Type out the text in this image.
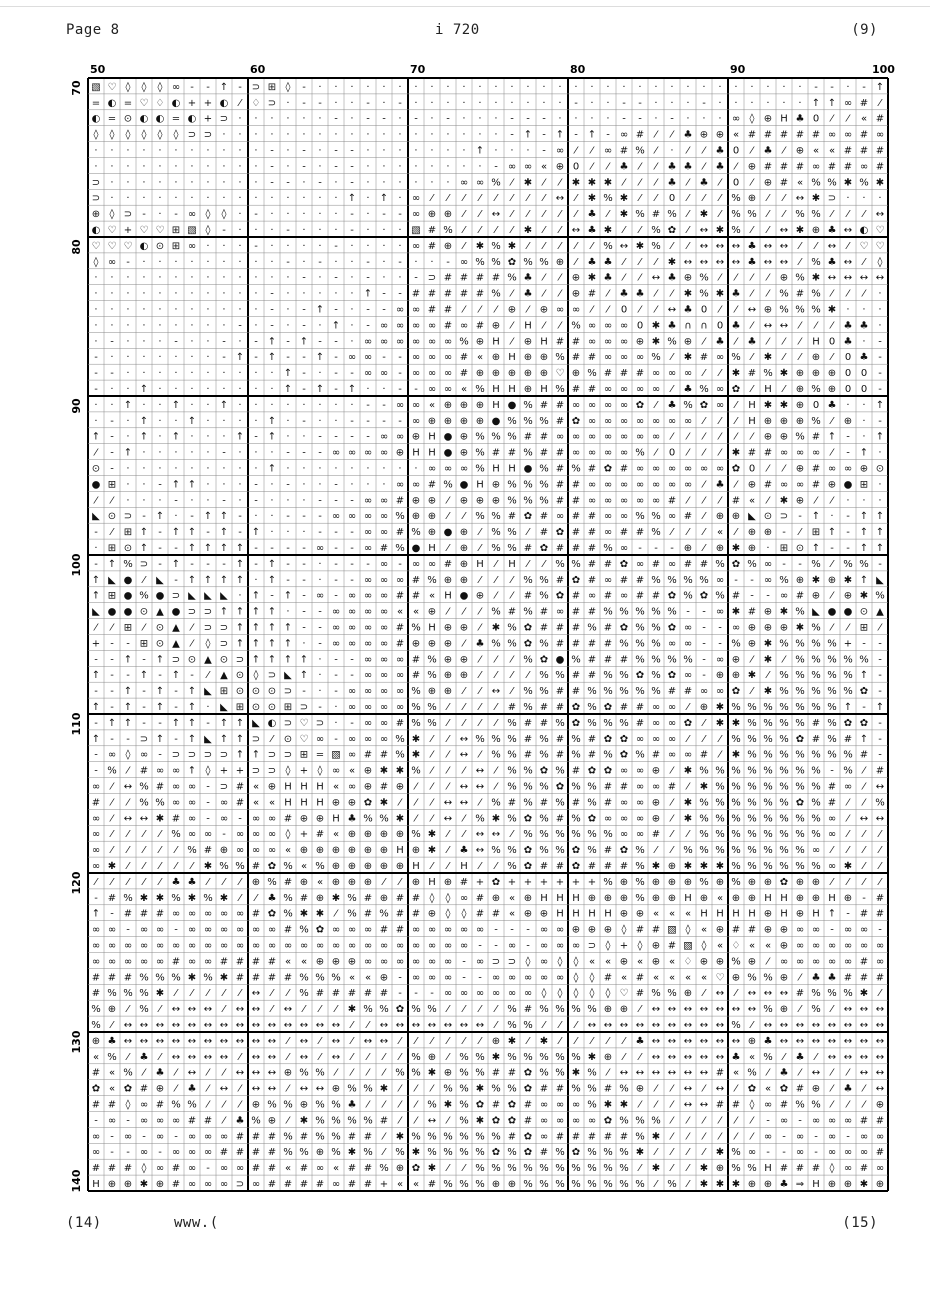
Page 8	i 720	(9)
▧ ♡ ◊ ◊ ◊ ∞ - - ↑ - ⊃ ⊞ ◊ - · · · · · · · · · · · · · · · · · · · · · · · · · · · · · · · - - · - ↑
= ◐ = ♡ ♢ ◐ + + ◐ ⁄ ♢ ⊃ · - - · · - · - · · · · · · · · · · - · · - - · · · - · · · · · · ↑ ↑ ∞ # ⁄
◐ = ⊙ ◐ ◐ = ◐ + ⊃ · · · · · · - · - - · - · - · · · - - - · · · · - - · - · · · ∞ ◊ ⊕ H ♣ 0 ⁄ ⁄ « #
◊ ◊ ◊ ◊ ◊ ◊ ⊃ ⊃ · · · · · · · · · · · · · · · · · · - ↑ - ↑ - ↑ - ∞ # ⁄ ⁄ ♣ ⊕ ⊕ « # # # # # ∞ ∞ # ∞
· · · · · · · · · · · - · - · - - · · · · · · · ↑ · · · - ∞ ⁄ ⁄ ∞ # % ⁄ · ⁄ ⁄ ♣ 0 ⁄ ♣ ⁄ ⊕ « « # # #
· · · · · · · · · · · - · - · - - · · · · · · · · - ∞ ∞ « ⊕ 0 ⁄ ⁄ ♣ ⁄ ⁄ ♣ ♣ ⁄ ♣ ⁄ ⊕ # # # ∞ # # ∞ #
⊃ · · · · · · · · · · - - · - · - · · · · · · ∞ ∞ % ⁄ ✱ ⁄ ⁄ ✱ ✱ ✱ ⁄ ⁄ ⁄ ♣ ⁄ ♣ ⁄ 0 ⁄ ⊕ # « % % ✱ % ✱
⊃ · · · · · · · · · · · · · · · ↑ · ↑ · ∞ ⁄ ⁄ ⁄ ⁄ ⁄ ⁄ ⁄ ⁄ ↔ ⁄ ✱ % ✱ ⁄ ⁄ 0 ⁄ ⁄ ⁄ % ⊕ ⁄ ⁄ ↔ ✱ ⊃ · · ·
⊕ ◊ ⊃ - · - ∞ ◊ ◊ · - · · · · · - · - - ∞ ⊕ ⊕ ⁄ ⁄ ↔ ⁄ ⁄ ⁄ ⁄ ⁄ ♣ ⁄ ✱ % # % ⁄ ✱ ⁄ % % ⁄ ⁄ % % ⁄ ⁄ ⁄ ↔
◐ ♡ + ♡ ♡ ⊞ ▧ ◊ - · · · - · · · - · · · ▧ # % ⁄ ⁄ ⁄ ⁄ ✱ ⁄ ⁄ ↔ ♣ ✱ ⁄ ⁄ % ✿ ⁄ ↔ ✱ % ⁄ ⁄ ↔ ✱ ⊕ ♣ ↔ ◐ ♡
♡ ♡ ♡ ◐ ⊙ ⊞ ∞ · · · - · · · · - · · · · ∞ # ⊕ ⁄ ✱ % ✱ ⁄ ⁄ ⁄ ⁄ ⁄ % ↔ ✱ % ⁄ ⁄ ↔ ↔ ↔ ♣ ↔ ↔ ⁄ ⁄ ↔ ⁄ ♡ ♡
◊ ∞ - · · · · · · · · · - · - · · - · - · · - ∞ % % ✿ % % ⊕ ⁄ ♣ ♣ ⁄ ⁄ ⁄ ✱ ↔ ↔ ↔ ↔ ♣ ↔ ↔ ⁄ % ♣ ↔ ⁄ ◊
· · · · · · · · · · · · · - · - · - · · - ⊃ # # # # % ♣ ⁄ ⁄ ⊕ ✱ ♣ ⁄ ⁄ ↔ ♣ ⊕ % ⁄ ⁄ ⁄ ⁄ ⊕ % ✱ ↔ ↔ ↔ ↔
· · · · · · · · · · · - · · · · · ↑ - - # # # # # % ⁄ ♣ ⁄ ⁄ ⊕ # ⁄ ♣ ♣ ⁄ ⁄ ✱ % ✱ ♣ ⁄ ⁄ % # % ⁄ ⁄ ⁄ ·
· · · · · · · · · · · - · - ↑ - · - - ∞ ∞ # # ⁄ ⁄ ⁄ ⊕ ⁄ ⊕ ∞ ∞ ⁄ ⁄ 0 ⁄ ⁄ ↔ ♣ 0 ⁄ ⁄ ↔ ⊕ % % % ✱ · · ·
· · · · · · · · · - · - · - · ↑ · - ∞ ∞ ∞ ∞ # ∞ # ⊕ ⁄ H ⁄ ⁄ % ∞ ∞ ∞ 0 ✱ ♣ ∩ ∩ 0 ♣ ⁄ ↔ ↔ ⁄ ⁄ ⁄ ♣ ♣ ·
· - · · · - · · - · - ↑ - ↑ - - · ∞ ∞ ∞ ∞ ∞ ∞ % ⊕ H ⁄ ⊕ H # # ∞ ∞ ∞ ⊕ ✱ % ⊕ ⁄ ♣ ⁄ ♣ ⁄ ⁄ ⁄ H 0 ♣ · -
- · · · · · · · - ↑ - ↑ - - ↑ - ∞ ∞ - - ∞ ∞ ∞ # « ⊕ H ⊕ ⊕ % # # ∞ ∞ ∞ % ⁄ ✱ # ∞ % ⁄ ✱ ⁄ ⁄ ⊕ ⁄ 0 ♣ -
- - · · · · · · · · · · ↑ - · - - ∞ ∞ - ∞ ∞ ∞ # ⊕ ⊕ ⊕ ⊕ ⊕ ♡ ⊕ % # # # ∞ ∞ ∞ ⁄ ⁄ ✱ # % ✱ ⊕ ⊕ ⊕ 0 0 -
- · · ↑ · · · · · · · · ↑ - ↑ - ↑ · · - - ∞ ∞ « % H H ⊕ H % # # ∞ ∞ ∞ ∞ ⁄ ♣ % ∞ ✿ ⁄ H ⁄ ⊕ % ⊕ 0 0 -
· · ↑ · · ↑ · · ↑ · · · · · · · · - - ∞ ∞ « ⊕ ⊕ ⊕ H ● % # # ∞ ∞ ∞ ∞ ✿ ⁄ ♣ % ✿ ∞ ⁄ H ✱ ✱ ⊕ 0 ♣ · · ↑
· - · ↑ · · ↑ · · · · ↑ · - · · - - - - ∞ ⊕ ⊕ ⊕ ⊕ ● % % % # ✿ ∞ ∞ ∞ ∞ ∞ ∞ ∞ ⁄ ⁄ ⁄ H ⊕ ⊕ ⊕ % ⁄ ⊕ · -
↑ - · ↑ · ↑ · · · ↑ - ↑ · · - - - - ∞ ∞ ⊕ H ● ⊕ % % % # # ∞ ∞ ∞ ∞ ∞ ∞ ∞ ⁄ ⁄ ⁄ ⁄ ⁄ ⁄ ⊕ ⊕ % # ↑ - · ↑
⁄ - ↑ · · · · · - · · · - - - ∞ ∞ ∞ ∞ ⊕ H H ● ⊕ % # # % # # ∞ ∞ ∞ ∞ % ⁄ 0 ⁄ ⁄ ⁄ ✱ # # ∞ ∞ ∞ ⁄ - ↑ ·
⊙ - · · · · · · · · · ↑ · · · · · · · · · ∞ ∞ ∞ % H H ● % # % # ✿ # ∞ ∞ ∞ ∞ ∞ ∞ ✿ 0 ⁄ ⁄ ⊕ # ∞ ∞ ⊕ ⊙
● ⊞ · · - ↑ ↑ · · · - · - · · - · · · ∞ ∞ # % ● H ⊕ % % % # # ∞ ∞ ∞ ∞ ∞ ∞ ∞ ⁄ ♣ ⁄ ⊕ # ∞ ∞ # ⊕ ● ⊞ ·
⁄ ⁄ · · · - · · - · - · · · - - - ∞ ∞ # ⊕ ⊕ ⁄ ⊕ ⊕ ⊕ % % % # # ∞ ∞ ∞ ∞ ∞ # ⁄ ⁄ ⁄ # « ⁄ ✱ ⊕ ⁄ ⁄ · · ·
◣ ⊙ ⊃ - ↑ · - ↑ ↑ - · · - - - ∞ ∞ ∞ ∞ % ⊕ ⊕ ⁄ ⁄ % % # ✿ # ∞ # # ∞ ∞ % % ∞ # ⁄ ⊕ ⊕ ◣ ⊙ ⊃ - ↑ · - ↑ ↑
- ⁄ ⊞ ↑ - ↑ ↑ - ↑ - ↑ · · · - - - ∞ ∞ # % ⊕ ● ⊕ ⁄ % % ⁄ # ✿ # # ∞ # # % ⁄ ⁄ ⁄ « ⁄ ⊕ ⊕ - ⁄ ⊞ ↑ - ↑ ↑
· ⊞ ⊙ ↑ - - ↑ ↑ ↑ ↑ - - - - ∞ - - ∞ # % ● H ⁄ ⊕ ⁄ % % # ✿ # # # % ∞ - - - ⊕ ⁄ ⊕ ✱ ⊕ · ⊞ ⊙ ↑ - - ↑ ↑
- ↑ % ⊃ - ↑ - - - ↑ - ↑ - - · - - - ∞ - ∞ ∞ # ⊕ H ⁄ H ⁄ ⁄ % % # # ✿ ∞ # ∞ # # % ✿ % ∞ - - % ⁄ % % -
↑ ◣ ● ⁄ ◣ - ↑ ↑ ↑ ↑ · ↑ - - · - - ∞ ∞ ∞ # % ⊕ ⊕ ⁄ ⁄ ⁄ % % # ✿ # ∞ # # % % % % ∞ - - ∞ % ⊕ ✱ ⊕ ✱ ↑ ◣
↑ ⊞ ● % ● ⊃ ◣ ◣ ◣ · ↑ - ↑ - ∞ - ∞ ∞ ∞ # # « H ● ⊕ ⁄ ⁄ # % ✿ # ∞ # ∞ # # ✿ % ✿ % # - - ∞ # ⊕ ⁄ ⊕ ✱ %
◣ ● ● ⊙ ▲ ● ⊃ ⊃ ↑ ↑ ↑ ↑ · - - ∞ ∞ ∞ ∞ « « ⊕ ⁄ ⁄ ⁄ % # % # ∞ # # % % % % % - - ∞ ✱ # ⊕ ✱ % ◣ ● ● ⊙ ▲
⁄ ⁄ ⊞ ⁄ ⊙ ▲ ⁄ ⊃ ⊃ ↑ ↑ ↑ ↑ - - ∞ ∞ ∞ ∞ # % H ⊕ ⊕ ⁄ ✱ % ✿ # # # % # ✿ % % ✿ ∞ - - ∞ ⊕ ⊕ ⊕ ✱ % ⁄ ⁄ ⊞ ⁄
+ - - ⊞ ⊙ ▲ ⁄ ◊ ⊃ ↑ ↑ ↑ ↑ · - ∞ ∞ ∞ ∞ # ⊕ ⊕ ⊕ ⁄ ♣ % % ✿ % # # # # % % % ∞ ∞ - - % ⊕ ✱ % % % % + - -
- - ↑ - ↑ ⊃ ⊙ ▲ ⊙ ⊃ ↑ ↑ ↑ ↑ · - - ∞ ∞ ∞ # % ⊕ ⊕ ⁄ ⁄ ⁄ % ✿ ● % # # # % % % % - ∞ ⊕ ⁄ ✱ ⁄ % % % % % -
↑ - - ↑ - ↑ - ⁄ ▲ ⊙ ◊ ⊃ ◣ ↑ · - - ∞ ∞ ∞ # % ⊕ ⊕ ⁄ ⁄ ⁄ ⁄ % % # # % % ✿ % ✿ ∞ - ⊕ ⊕ ✱ ⁄ % % % % % ↑ -
- - ↑ - ↑ - ↑ ◣ ⊞ ⊙ ⊙ ⊙ ⊃ - · - ∞ ∞ ∞ ∞ % ⊕ ⊕ ⁄ ⁄ ↔ ⁄ % % # # % % % % % # # ∞ ∞ ✿ ⁄ ✱ % % % % % ✿ -
↑ - ↑ - ↑ - ↑ · ◣ ⊞ ⊙ ⊙ ⊞ ⊃ - · ∞ ∞ ∞ ∞ % % ⁄ ⁄ ⁄ ⁄ # % # # ✿ % ✿ # # ∞ ∞ ⁄ ⊕ ✱ % % % % % % % ↑ - ↑
- ↑ ↑ - - ↑ ↑ - ↑ ↑ ◣ ◐ ⊃ ♡ ⊃ · - ∞ ∞ # % % ⁄ ⁄ ⁄ ⁄ % # # % ✿ % % % # ∞ ∞ ✿ ⁄ ✱ ✱ % % % % # % ✿ ✿ -
↑ - - ⊃ ↑ - ↑ ◣ ↑ ↑ ⊃ ⁄ ⊙ ♡ ∞ - ∞ ∞ ∞ % ✱ ⁄ ⁄ ↔ % % % # % # % # ✿ ✿ ∞ ∞ ∞ ⁄ ⁄ ⁄ % % % % ✿ # % # ↑ -
- ∞ ◊ ∞ - ⊃ ⊃ ⊃ ⊃ ↑ ↑ ⊃ ⊃ ⊞ = ▧ ∞ # # % ✱ ⁄ ⁄ ↔ ⁄ % % # % # % # % ✿ % # ∞ ∞ # ⁄ ✱ % % % % % % % # -
- % ⁄ # ∞ ∞ ↑ ◊ + + ⊃ ⊃ ◊ + ◊ ∞ « ⊕ ✱ ✱ % ⁄ ⁄ ⁄ ↔ ⁄ % % ✿ % # ✿ ✿ ∞ ∞ ⊕ ⁄ ✱ % % % % % % % % - % ⁄ #
∞ ⁄ ↔ % # ∞ ∞ - ⊃ # « ⊕ H H H « ∞ ⊕ # ⊕ ⁄ ⁄ ⁄ ↔ ↔ ⁄ % % % ✿ % % # # ∞ ∞ # ⁄ ✱ % % % % % % % # ∞ ⁄ ↔
# ⁄ ⁄ % % ∞ ∞ - ∞ # « « H H H ⊕ ⊕ ✿ ✱ ⁄ ⁄ ⁄ ↔ ↔ ⁄ % # % # % # % # ∞ ∞ ⊕ ⁄ ✱ % % % % % % ✿ % # ⁄ ⁄ %
∞ ⁄ ↔ ↔ ✱ # ∞ - ∞ - ∞ ∞ # ⊕ ⊕ H ♣ % % ✱ ⁄ ⁄ ↔ ⁄ % ✱ % ✿ % # % ✿ ∞ ∞ ∞ ⊕ ⁄ ✱ % % % % % % % % ∞ ⁄ ↔ ↔
∞ ⁄ ⁄ ⁄ ⁄ % ∞ ∞ - ∞ ∞ ∞ ◊ + # « ⊕ ⊕ ⊕ ⊕ % ✱ ⁄ ⁄ ↔ ↔ ⁄ % % % % % % ∞ ∞ # ⁄ ⁄ % % % % % % % % ∞ ⁄ ⁄ ⁄
∞ ⁄ ⁄ ⁄ ⁄ ⁄ % # ⊕ ∞ ∞ ∞ « ⊕ ⊕ ⊕ ⊕ ⊕ ⊕ H ⊕ ✱ ⁄ ♣ ↔ % % ✿ % % ✿ % # ✿ % ⁄ ⁄ % % % % % % % % ∞ ⁄ ⁄ ⁄ ⁄
∞ ✱ ⁄ ⁄ ⁄ ⁄ ⁄ ✱ % % # ✿ % « % ⊕ ⊕ ⊕ ⊕ ⊕ H ⁄ ⁄ H ⁄ ⁄ % ✿ # # ✿ # # # % ✱ ⊕ ✱ ✱ ✱ % % % % % % ∞ ✱ ⁄ ⁄
⁄ ⁄ ⁄ ⁄ ⁄ ♣ ♣ ⁄ ⁄ ⁄ ⊕ % # ⊕ « ⊕ ⊕ ⊕ ⁄ ⁄ ⊕ H ⊕ # + ✿ + + + + + + % ⊕ % ⊕ ⊕ ⊕ % ⊕ % ⊕ ⊕ ✿ ⊕ ⊕ ⁄ ⁄ ⁄ ⁄
- # % ✱ ✱ % ✱ % ✱ ⁄ ⁄ ♣ % # ⊕ ✱ % # ⊕ # # ◊ ◊ ∞ # ⊕ « ⊕ H H H ⊕ ⊕ ⊕ % ⊕ ⊕ H ⊕ « ⊕ ⊕ H H ⊕ ⊕ H ⊕ - #
↑ - # # # ∞ ∞ ∞ ∞ ∞ # ✿ % ✱ ✱ ⁄ % # % # # ⊕ ◊ ◊ # # « ⊕ ⊕ H H H H ⊕ ⊕ « « « H H H H ⊕ H ⊕ H ↑ - # #
∞ ∞ - ∞ ∞ - ∞ ∞ ∞ ∞ ∞ ∞ # % ✿ ∞ ∞ ∞ # # ∞ ∞ ∞ ∞ ∞ - - - ∞ ∞ ⊕ ⊕ ⊕ ◊ # # ▧ ◊ « ⊕ # # ⊕ ⊕ ∞ ∞ - ∞ ∞ -
∞ ∞ ∞ ∞ ∞ ∞ ∞ ∞ ∞ ∞ ∞ ∞ ∞ ∞ ∞ ∞ ∞ ∞ ∞ ∞ ∞ ∞ ∞ ∞ - - ∞ - ∞ ∞ ∞ ⊃ ◊ + ◊ ⊕ # ▧ ◊ « ♢ « « ⊕ ∞ ∞ ∞ ∞ ∞ ∞
∞ ∞ ∞ ∞ ∞ # ∞ ∞ # # # # « « ⊕ ⊕ ⊕ ∞ ∞ ∞ ∞ ∞ ∞ - ∞ ⊃ ⊃ ◊ ∞ ◊ ◊ « « ⊕ « ⊕ « ♢ ⊕ ⊕ % ⊕ ⁄ ∞ ∞ ∞ ∞ ∞ # ∞
# # # % % % ✱ % ✱ # # # # % % % « « ⊕ - ∞ ∞ ∞ - - ∞ ∞ ∞ ∞ ∞ ◊ ◊ # « # « « « « ♡ ⊕ % % ⊕ ⁄ ♣ ♣ # # #
# % % % ✱ ⁄ ⁄ ⁄ ⁄ ⁄ ↔ ⁄ ⁄ % # # # # # - - - ∞ ∞ ∞ ∞ ∞ ∞ ◊ ◊ ◊ ◊ ◊ ♡ # % % ⊕ ⁄ ↔ ⁄ ↔ ↔ ↔ # % % % ✱ ⁄
% ⊕ ⁄ % ⁄ ↔ ↔ ↔ ⁄ ↔ ↔ ⁄ ↔ ⁄ ⁄ ⁄ ✱ % % ✿ % % ⁄ ⁄ ⁄ ⁄ % # % % % % ⊕ ⊕ ⁄ ↔ ↔ ↔ ↔ ↔ ↔ ↔ % ⊕ ⁄ % ⁄ ↔ ↔ ↔
% ⁄ ↔ ↔ ↔ ↔ ↔ ↔ ↔ ↔ ↔ ↔ ↔ ↔ ↔ ↔ ⁄ ⁄ ↔ ↔ ↔ ↔ ↔ ↔ ↔ ⁄ % % ⁄ ⁄ ⁄ ↔ ↔ ↔ ↔ ↔ ↔ ↔ ↔ ↔ % ⁄ ↔ ↔ ↔ ↔ ↔ ↔ ↔ ↔
⊕ ♣ ↔ ↔ ↔ ↔ ↔ ↔ ↔ ↔ ↔ ↔ ⁄ ↔ ⁄ ↔ ⁄ ↔ ↔ ⁄ ⁄ ⁄ ⁄ ⁄ ⁄ ⊕ ✱ ⁄ ✱ ⁄ ⁄ ⁄ ⁄ ⁄ ♣ ↔ ↔ ↔ ↔ ↔ ↔ ⊕ ♣ ↔ ↔ ↔ ↔ ↔ ↔ ↔
« % ⁄ ♣ ⁄ ↔ ↔ ↔ ↔ ⁄ ↔ ↔ ⁄ ↔ ⁄ ↔ ⁄ ⁄ ⁄ ⁄ % ⊕ ⁄ % % ✱ % % % % % ✱ ⊕ ⁄ ⁄ ↔ ↔ ↔ ↔ ↔ ♣ « % ⁄ ♣ ⁄ ↔ ↔ ↔ ↔
# « % ⁄ ♣ ⁄ ↔ ⁄ ⁄ ↔ ↔ ↔ ⊕ % % ⁄ ⁄ ⁄ ⁄ % % ✱ ⊕ % % # # ✿ % % ✱ % ⁄ ↔ ↔ ↔ ↔ ↔ ↔ # « % ⁄ ♣ ⁄ ↔ ⁄ ⁄ ↔ ↔
✿ « ✿ # ⊕ ⁄ ♣ ⁄ ↔ ⁄ ↔ ↔ ⁄ ↔ ↔ ⊕ % % ✱ ⁄ ⁄ ⁄ % % ✱ % % ✿ # # % % # % ⊕ ⁄ ⁄ ↔ ⁄ ↔ ⁄ ✿ « ✿ # ⊕ ⁄ ♣ ⁄ ↔
# # ◊ ∞ # % % ⁄ ⁄ ⁄ ⊕ % % ⊕ % % ♣ ⁄ ⁄ ⁄ ⁄ % ✱ % ✿ # ✿ # ∞ ∞ ∞ % ✱ ✱ ⁄ ⁄ ⁄ ↔ ↔ # # ◊ ∞ # % % ⁄ ⁄ ⁄ ⊕
- ∞ - ∞ ∞ ∞ # # ⁄ ♣ % ⊕ ⁄ ✱ % % % % # ⁄ ⁄ ↔ ⁄ % ✱ ✿ ✿ # ∞ ∞ ∞ ∞ ✿ % % % ⁄ ⁄ ⁄ ⁄ ⁄ ⁄ - ∞ - ∞ ∞ ∞ # #
∞ - ∞ - ∞ - ∞ ∞ ∞ # # # % # % % # # ⁄ ✱ % % % % % % # ✿ ∞ # # # # # % ✱ ⁄ ⁄ ⁄ ⁄ ⁄ ⁄ ∞ - ∞ - ∞ - ∞ ∞
∞ - - ∞ - ∞ ∞ ∞ # # # # % % ⊕ % ✱ % ⁄ % ✱ % % % % ✿ % ✿ # % ✿ % % % ✱ ⁄ ⁄ ⁄ ⁄ ✱ % ∞ - - ∞ - ∞ ∞ ∞ #
# # # ◊ ∞ # ∞ - ∞ ∞ # # « # ∞ « # # % ⊕ ✿ ✱ ⁄ ⁄ % % % % % % % % % % ⁄ ✱ ⁄ ⁄ ✱ ⊕ % % H # # # ◊ ∞ # ∞
H ⊕ ⊕ ✱ ⊕ # ∞ ∞ ∞ ⊃ ∞ # # # # ∞ # # + « « # % % % ⊕ ⊕ % % % % % % % % ⁄ % ⁄ ✱ ✱ ✱ ⊕ ⊕ ♣ ⇒ H ⊕ ⊕ ✱ ⊕
50	60	70	80	90	100
70
80
90
100
110
120
130
140
(14)	www.(	(15)
